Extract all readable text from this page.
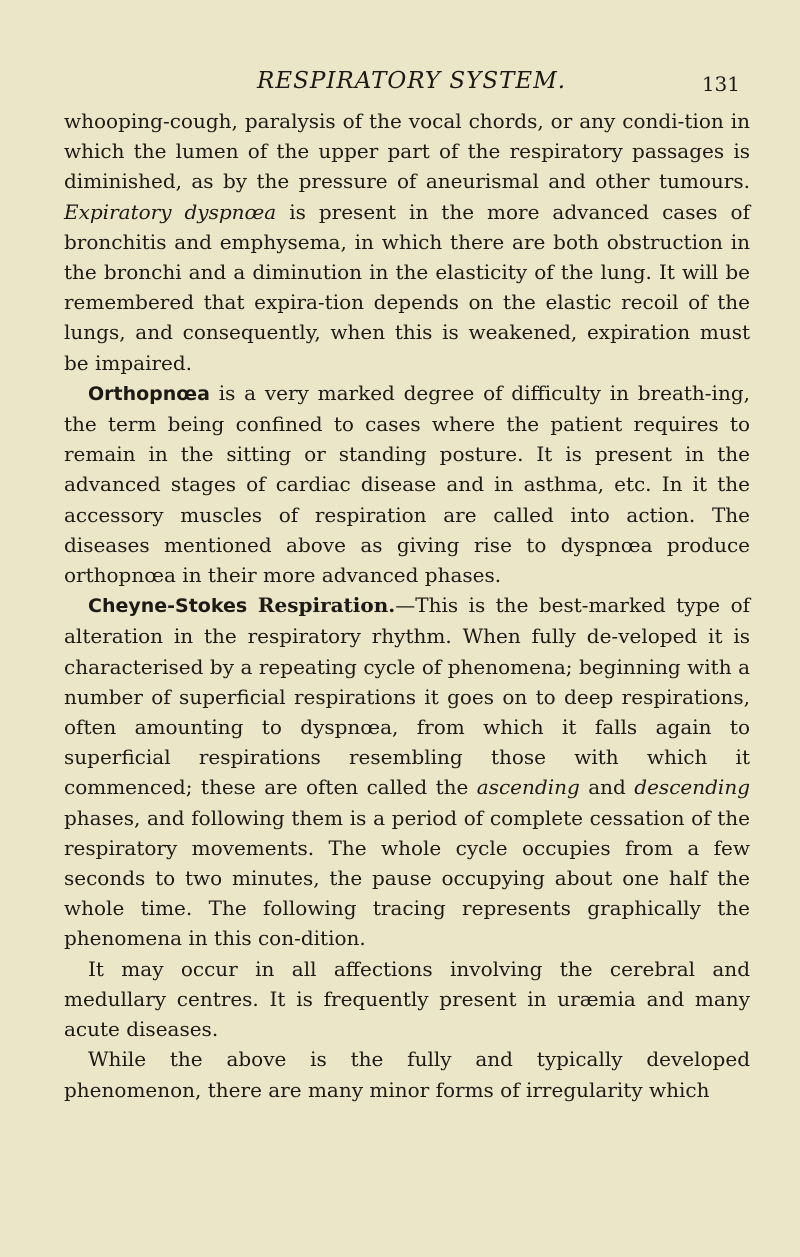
RESPIRATORY SYSTEM.	131

whooping-cough, paralysis of the vocal chords, or any condi-tion in which the lumen of the upper part of the respiratory passages is diminished, as by the pressure of aneurismal and other tumours. Expiratory dyspnœa is present in the more advanced cases of bronchitis and emphysema, in which there are both obstruction in the bronchi and a diminution in the elasticity of the lung. It will be remembered that expira-tion depends on the elastic recoil of the lungs, and consequently, when this is weakened, expiration must be impaired.

Orthopnœa is a very marked degree of difficulty in breath-ing, the term being confined to cases where the patient requires to remain in the sitting or standing posture. It is present in the advanced stages of cardiac disease and in asthma, etc. In it the accessory muscles of respiration are called into action. The diseases mentioned above as giving rise to dyspnœa produce orthopnœa in their more advanced phases.

Cheyne-Stokes Respiration.—This is the best-marked type of alteration in the respiratory rhythm. When fully de-veloped it is characterised by a repeating cycle of phenomena; beginning with a number of superficial respirations it goes on to deep respirations, often amounting to dyspnœa, from which it falls again to superficial respirations resembling those with which it commenced; these are often called the ascending and descending phases, and following them is a period of complete cessation of the respiratory movements. The whole cycle occupies from a few seconds to two minutes, the pause occupying about one half the whole time. The following tracing represents graphically the phenomena in this con-dition.

It may occur in all affections involving the cerebral and medullary centres. It is frequently present in uræmia and many acute diseases.

While the above is the fully and typically developed phenomenon, there are many minor forms of irregularity which
